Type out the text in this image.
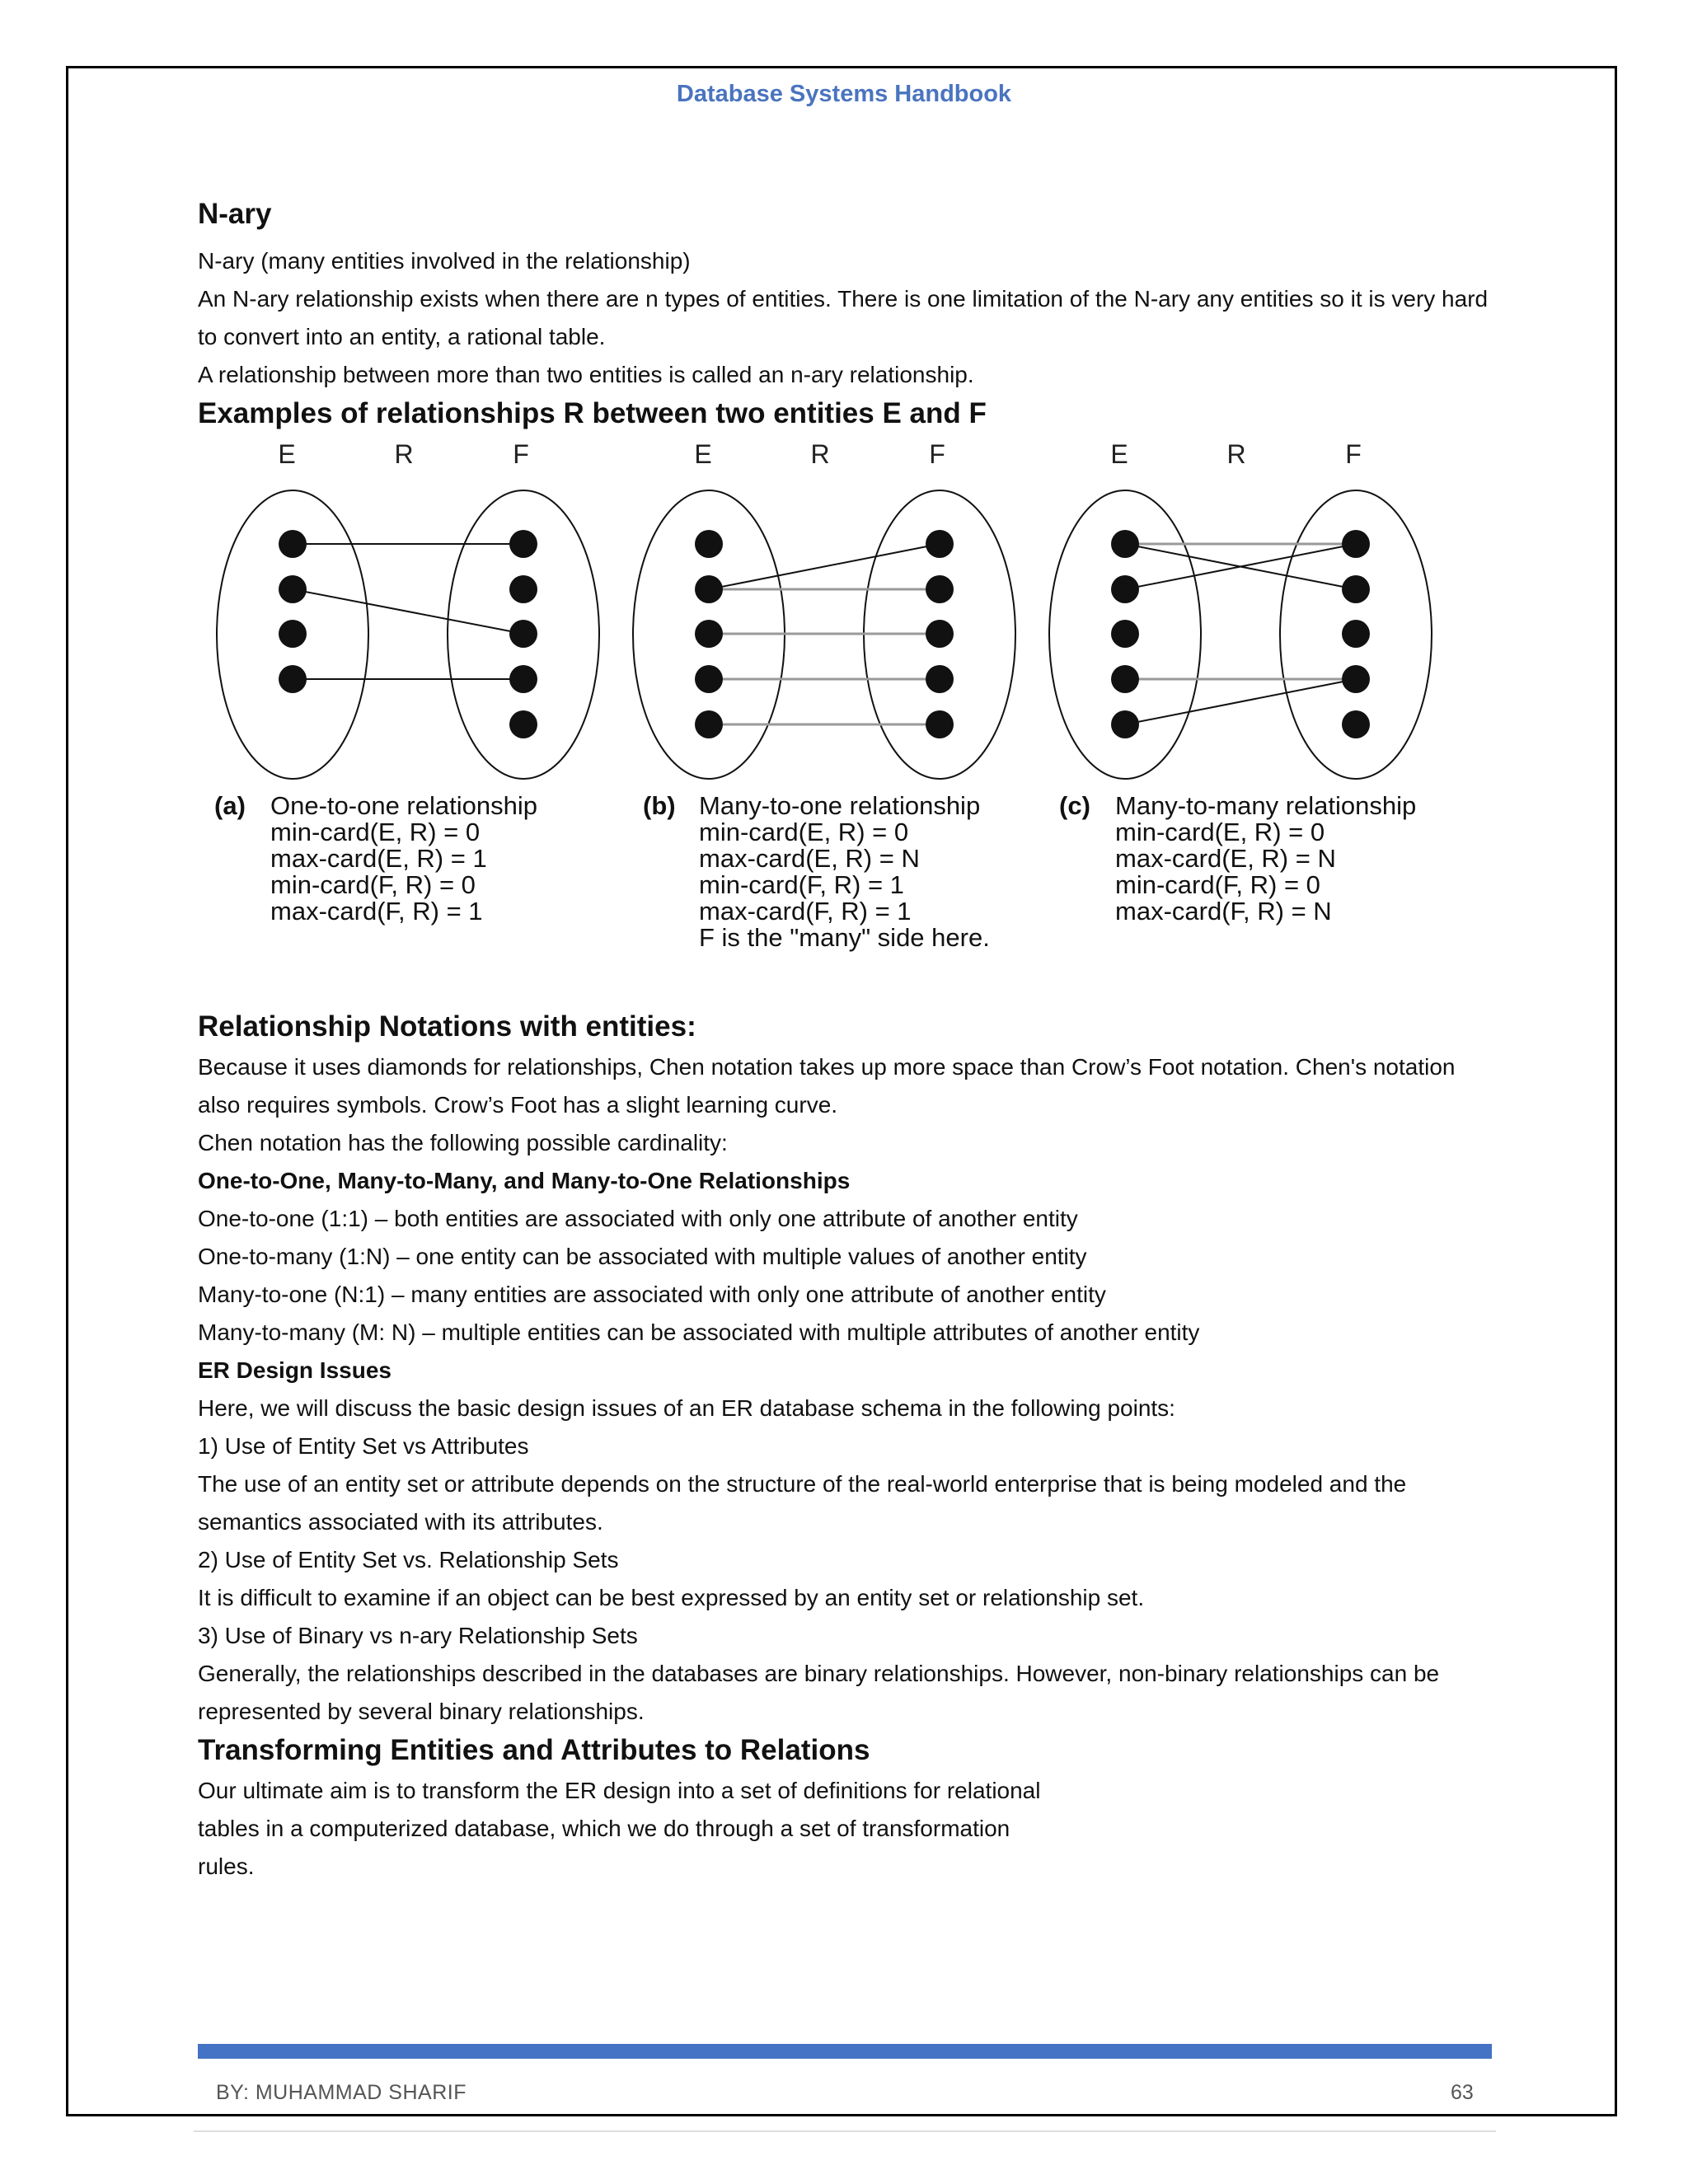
Database Systems Handbook
N-ary

N-ary (many entities involved in the relationship)

An N-ary relationship exists when there are n types of entities. There is one limitation of the N-ary any entities so it is very hard to convert into an entity, a rational table.

A relationship between more than two entities is called an n-ary relationship.

Examples of relationships R between two entities E and F
E	R	F	E	R	F	E	R	F
(a) One-to-one relationship
min-card(E, R) = 0
max-card(E, R) = 1
min-card(F, R) = 0
max-card(F, R) = 1
(b) Many-to-one relationship
min-card(E, R) = 0
max-card(E, R) = N
min-card(F, R) = 1
max-card(F, R) = 1
F is the "many" side here.
(c) Many-to-many relationship
min-card(E, R) = 0
max-card(E, R) = N
min-card(F, R) = 0
max-card(F, R) = N
Relationship Notations with entities:

Because it uses diamonds for relationships, Chen notation takes up more space than Crow’s Foot notation. Chen's notation also requires symbols. Crow’s Foot has a slight learning curve.

Chen notation has the following possible cardinality:

One-to-One, Many-to-Many, and Many-to-One Relationships

One-to-one (1:1) – both entities are associated with only one attribute of another entity

One-to-many (1:N) – one entity can be associated with multiple values of another entity

Many-to-one (N:1) – many entities are associated with only one attribute of another entity

Many-to-many (M: N) – multiple entities can be associated with multiple attributes of another entity

ER Design Issues

Here, we will discuss the basic design issues of an ER database schema in the following points:

1) Use of Entity Set vs Attributes

The use of an entity set or attribute depends on the structure of the real-world enterprise that is being modeled and the semantics associated with its attributes.

2) Use of Entity Set vs. Relationship Sets

It is difficult to examine if an object can be best expressed by an entity set or relationship set.

3) Use of Binary vs n-ary Relationship Sets

Generally, the relationships described in the databases are binary relationships. However, non-binary relationships can be represented by several binary relationships.

Transforming Entities and Attributes to Relations

Our ultimate aim is to transform the ER design into a set of definitions for relational

tables in a computerized database, which we do through a set of transformation

rules.

BY: MUHAMMAD SHARIF	63
